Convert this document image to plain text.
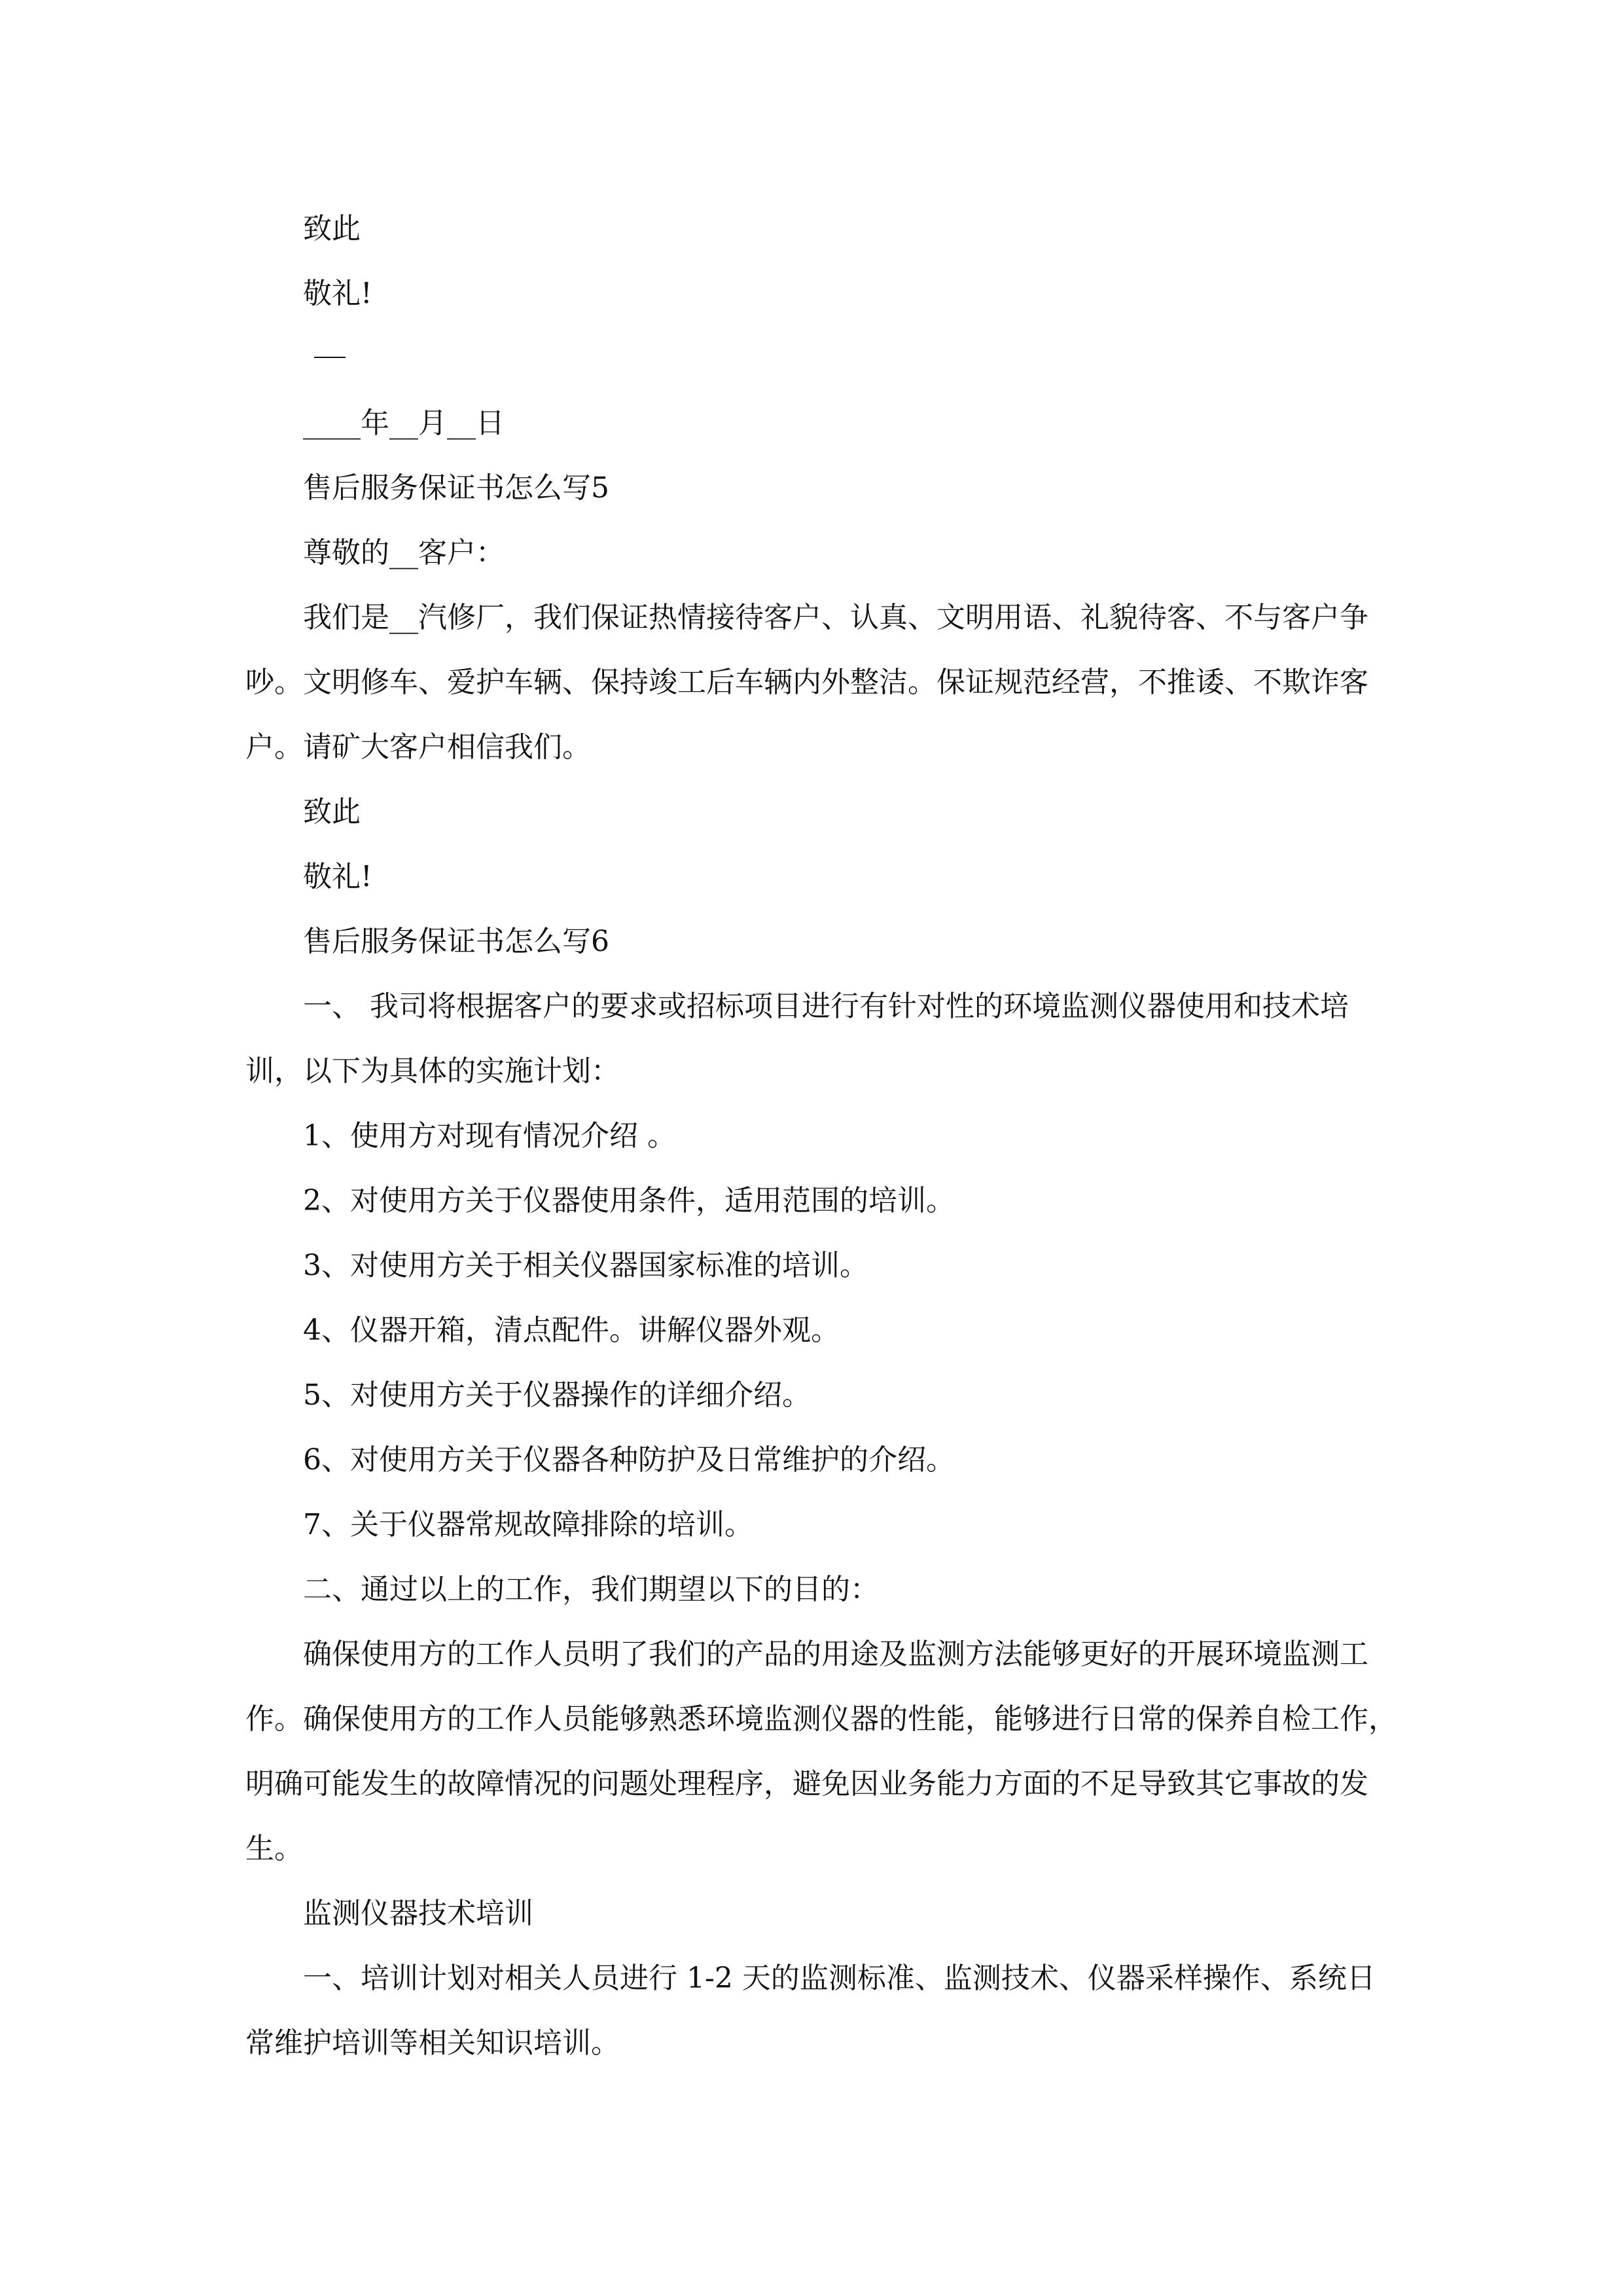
致此

敬礼!

____年__月__日

售后服务保证书怎么写5

尊敬的__客户：

我们是__汽修厂，我们保证热情接待客户、认真、文明用语、礼貌待客、不与客户争吵。文明修车、爱护车辆、保持竣工后车辆内外整洁。保证规范经营，不推诿、不欺诈客户。请矿大客户相信我们。

致此

敬礼!

售后服务保证书怎么写6

一、 我司将根据客户的要求或招标项目进行有针对性的环境监测仪器使用和技术培训，以下为具体的实施计划：

1、使用方对现有情况介绍 。

2、对使用方关于仪器使用条件，适用范围的培训。

3、对使用方关于相关仪器国家标准的培训。

4、仪器开箱，清点配件。讲解仪器外观。

5、对使用方关于仪器操作的详细介绍。

6、对使用方关于仪器各种防护及日常维护的介绍。

7、关于仪器常规故障排除的培训。

二、通过以上的工作，我们期望以下的目的：

确保使用方的工作人员明了我们的产品的用途及监测方法能够更好的开展环境监测工作。确保使用方的工作人员能够熟悉环境监测仪器的性能，能够进行日常的保养自检工作，明确可能发生的故障情况的问题处理程序，避免因业务能力方面的不足导致其它事故的发生。

监测仪器技术培训

一、培训计划对相关人员进行 1-2 天的监测标准、监测技术、仪器采样操作、系统日常维护培训等相关知识培训。
